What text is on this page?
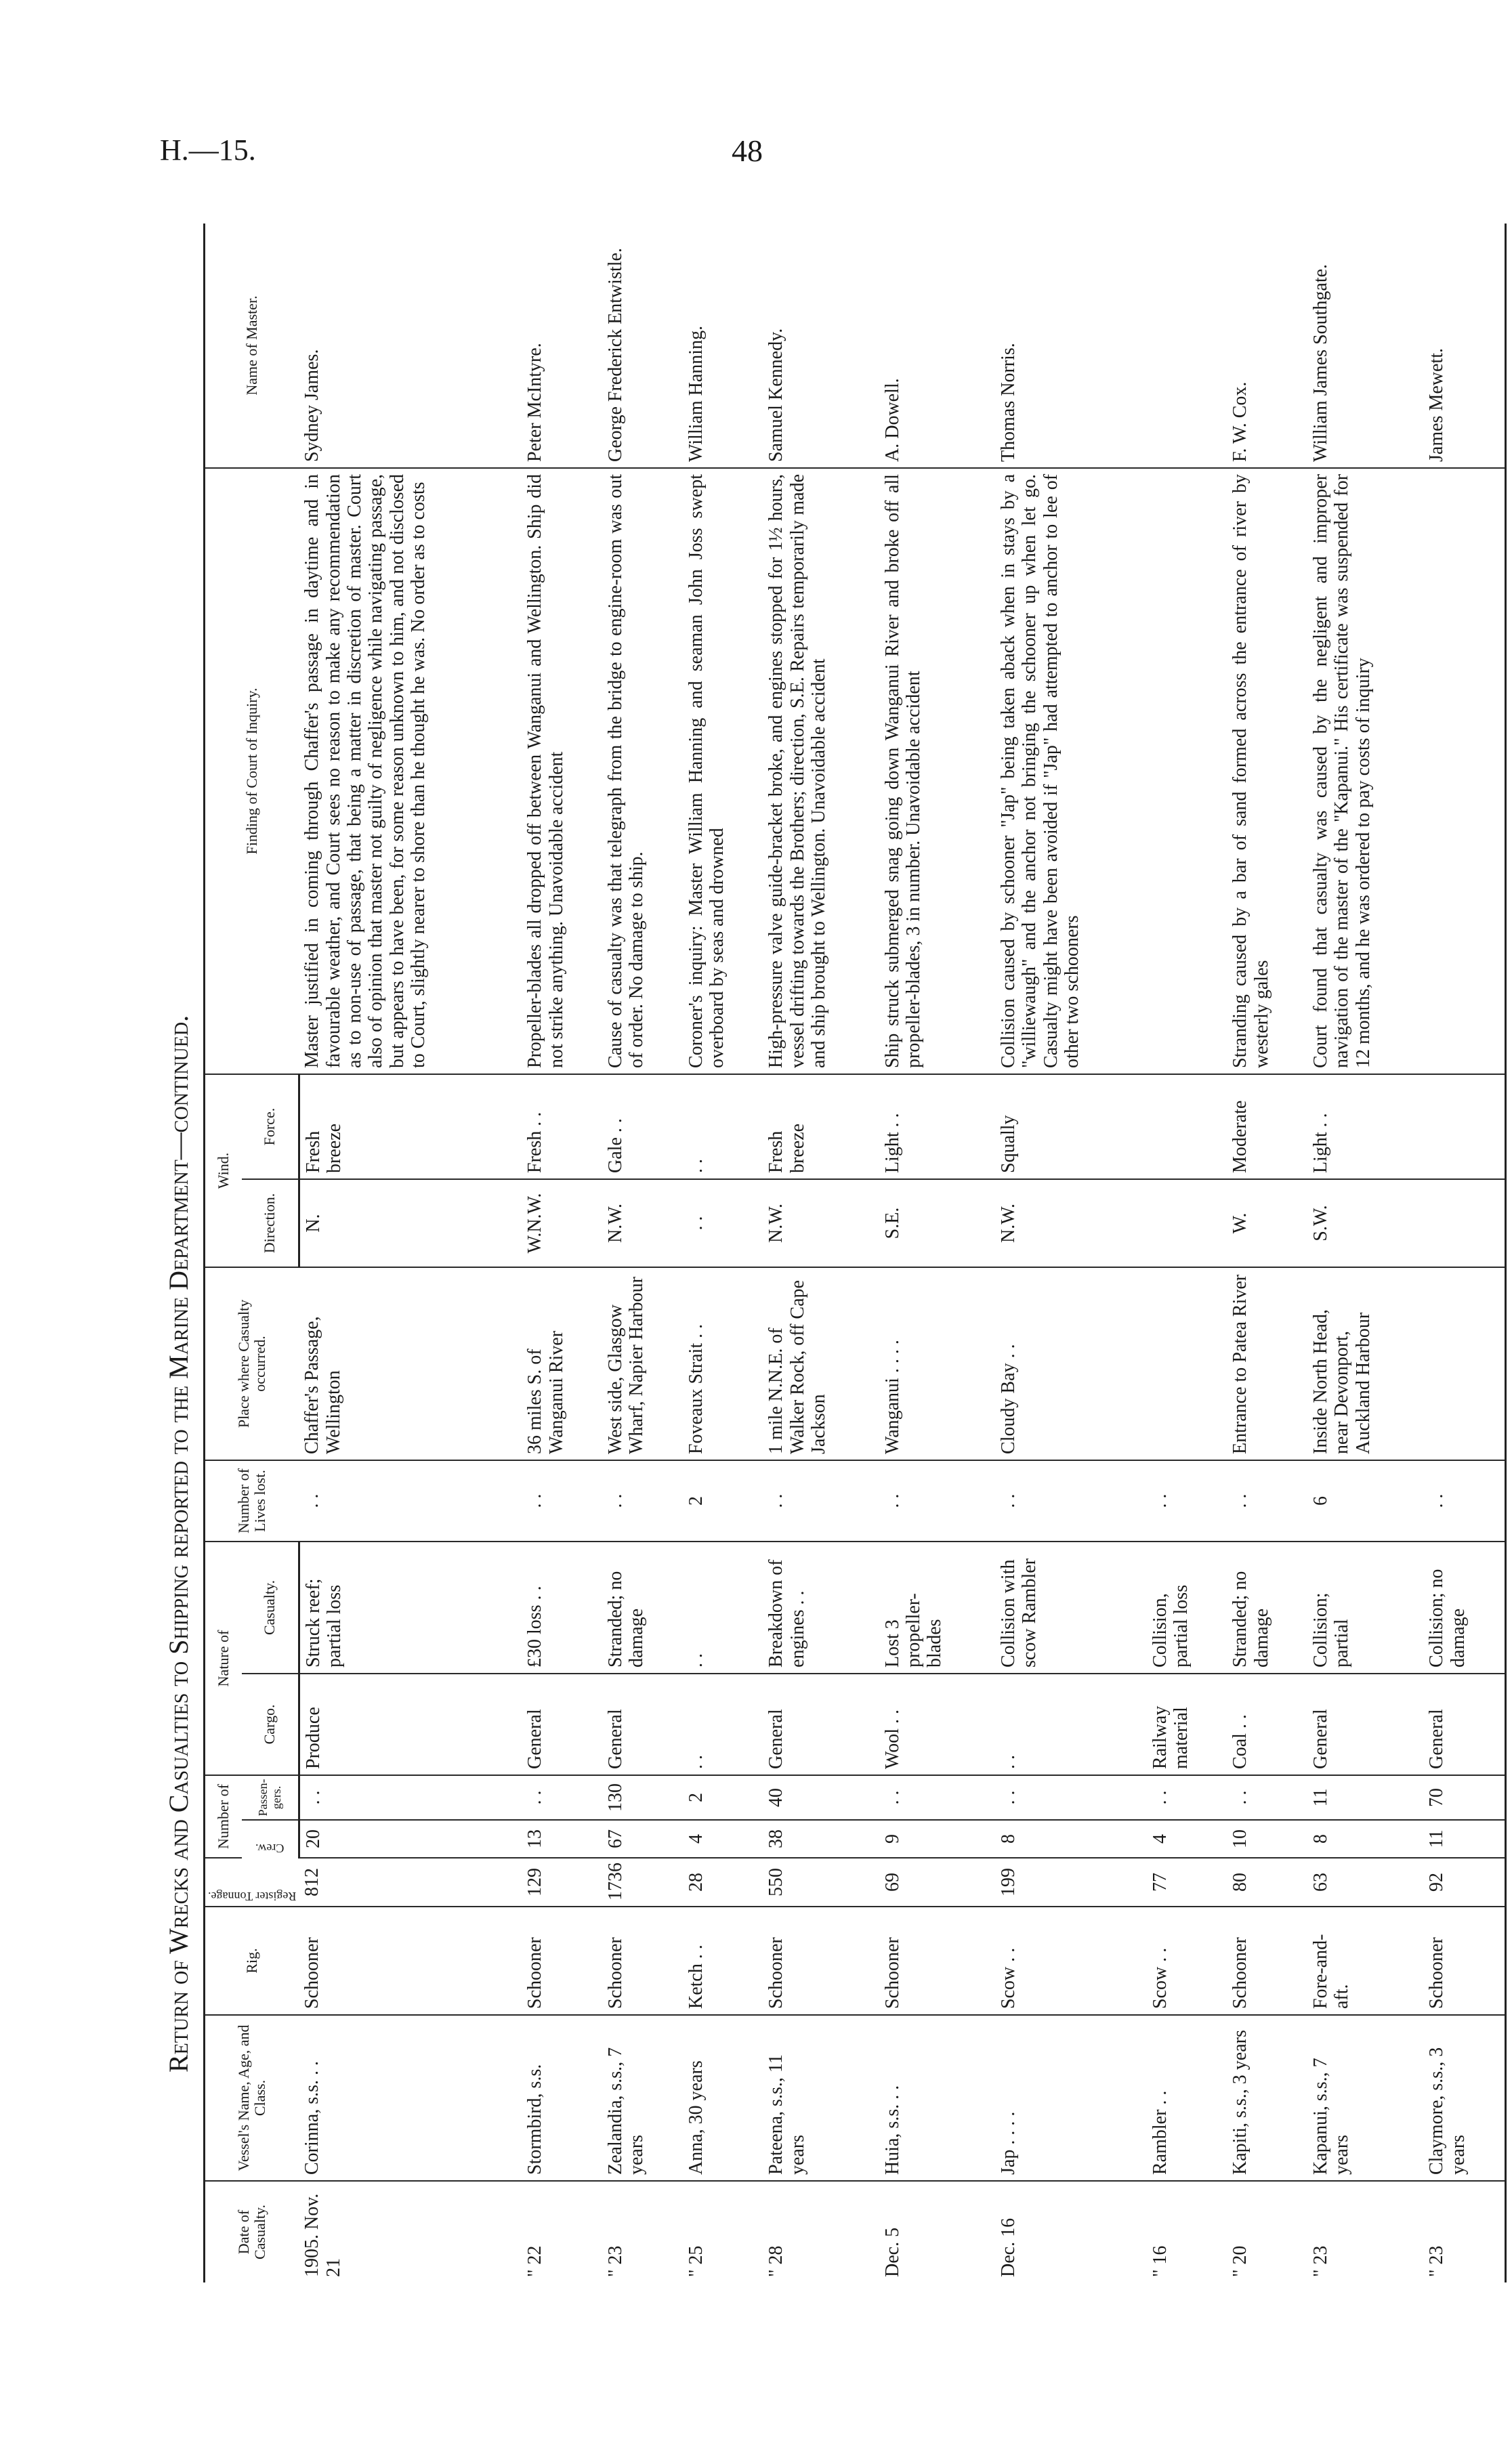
H.—15.	48
Return of Wrecks and Casualties to Shipping reported to the Marine Department—continued.
Date of Casualty.	Vessel's Name, Age, and Class.	Rig.	Register Tonnage.	Number of		Nature of		Number of Lives lost.	Place where Casualty occurred.	Wind.		Finding of Court of Inquiry.	Name of Master.

				Crew.	Passen-gers.	Cargo.	Casualty.			Direction.	Force.		
1905. Nov. 21	Corinna, s.s. . .	Schooner	812	20	. .	Produce	Struck reef; partial loss	. .	Chaffer's Passage, Wellington	N.	Fresh breeze	Master justified in coming through Chaffer's passage in daytime and in favourable weather, and Court sees no reason to make any recommendation as to non-use of passage, that being a matter in discretion of master. Court also of opinion that master not guilty of negligence while navigating passage, but appears to have been, for some reason unknown to him, and not disclosed to Court, slightly nearer to shore than he thought he was. No order as to costs	Sydney James.
" 22	Stormbird, s.s.	Schooner	129	13	. .	General	£30 loss . .	. .	36 miles S. of Wanganui River	W.N.W.	Fresh . .	Propeller-blades all dropped off between Wanganui and Wellington. Ship did not strike anything. Unavoidable accident	Peter McIntyre.
" 23	Zealandia, s.s., 7 years	Schooner	1736	67	130	General	Stranded; no damage	. .	West side, Glasgow Wharf, Napier Harbour	N.W.	Gale . .	Cause of casualty was that telegraph from the bridge to engine-room was out of order. No damage to ship.	George Frederick Entwistle.
" 25	Anna, 30 years	Ketch . .	28	4	2	. .	. .	2	Foveaux Strait . .	. .	. .	Coroner's inquiry: Master William Hanning and seaman John Joss swept overboard by seas and drowned	William Hanning.
" 28	Pateena, s.s., 11 years	Schooner	550	38	40	General	Breakdown of engines . .	. .	1 mile N.N.E. of Walker Rock, off Cape Jackson	N.W.	Fresh breeze	High-pressure valve guide-bracket broke, and engines stopped for 1½ hours, vessel drifting towards the Brothers; direction, S.E. Repairs temporarily made and ship brought to Wellington. Unavoidable accident	Samuel Kennedy.
Dec. 5	Huia, s.s. . .	Schooner	69	9	. .	Wool . .	Lost 3 propeller-blades	. .	Wanganui . . . .	S.E.	Light . .	Ship struck submerged snag going down Wanganui River and broke off all propeller-blades, 3 in number. Unavoidable accident	A. Dowell.
Dec. 16	Jap . . . .	Scow . .	199	8	. .	. .	Collision with scow Rambler	. .	Cloudy Bay . .	N.W.	Squally	Collision caused by schooner "Jap" being taken aback when in stays by a "williewaugh" and the anchor not bringing the schooner up when let go. Casualty might have been avoided if "Jap" had attempted to anchor to lee of other two schooners	Thomas Norris.
" 16	Rambler . .	Scow . .	77	4	. .	Railway material	Collision, partial loss	. .					
" 20	Kapiti, s.s., 3 years	Schooner	80	10	. .	Coal . .	Stranded; no damage	. .	Entrance to Patea River	W.	Moderate	Stranding caused by a bar of sand formed across the entrance of river by westerly gales	F. W. Cox.
" 23	Kapanui, s.s., 7 years	Fore-and-aft.	63	8	11	General	Collision; partial	6	Inside North Head, near Devonport, Auckland Harbour	S.W.	Light . .	Court found that casualty was caused by the negligent and improper navigation of the master of the "Kapanui." His certificate was suspended for 12 months, and he was ordered to pay costs of inquiry	William James Southgate.
" 23	Claymore, s.s., 3 years	Schooner	92	11	70	General	Collision; no damage	. .					James Mewett.
